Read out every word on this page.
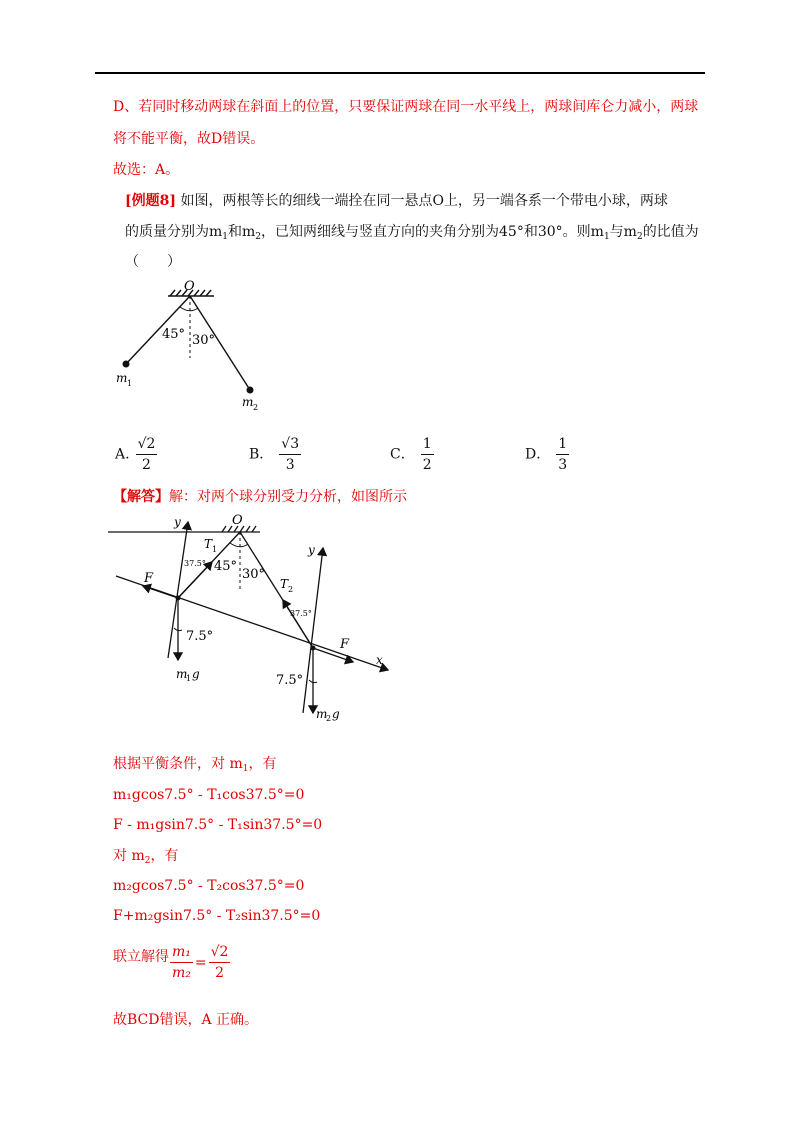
D、若同时移动两球在斜面上的位置，只要保证两球在同一水平线上，两球间库仑力减小，两球
将不能平衡，故D错误。
故选：A。
[例题8] 如图，两根等长的细线一端拴在同一悬点O上，另一端各系一个带电小球，两球
的质量分别为$m_1$和$m_2$，已知两细线与竖直方向的夹角分别为45°和30°。则$m_1$与$m_2$的比值为
（　　）
O
45° 30°
m 1
m 2
A. $\frac{√2}{2}$	B． $\frac{√3}{3}$	C． $\frac{1}{2}$	D． $\frac{1}{3}$
【解答】解：对两个球分别受力分析，如图所示
O
y
y
x
F
F
T 1
T 2
37.5°
37.5°
45°
30°
7.5°
7.5°
m
1 g
m
2 g
根据平衡条件，对 $m_1$，有
m₁gcos7.5° - T₁cos37.5°=0
F - m₁gsin7.5° - T₁sin37.5°=0
对 $m_2$，有
m₂gcos7.5° - T₂cos37.5°=0
F+m₂gsin7.5° - T₂sin37.5°=0
联立解得 $\frac{\text{m₁}}{\text{m₂}} = \frac{√2}{2}$
故BCD错误，A 正确。
